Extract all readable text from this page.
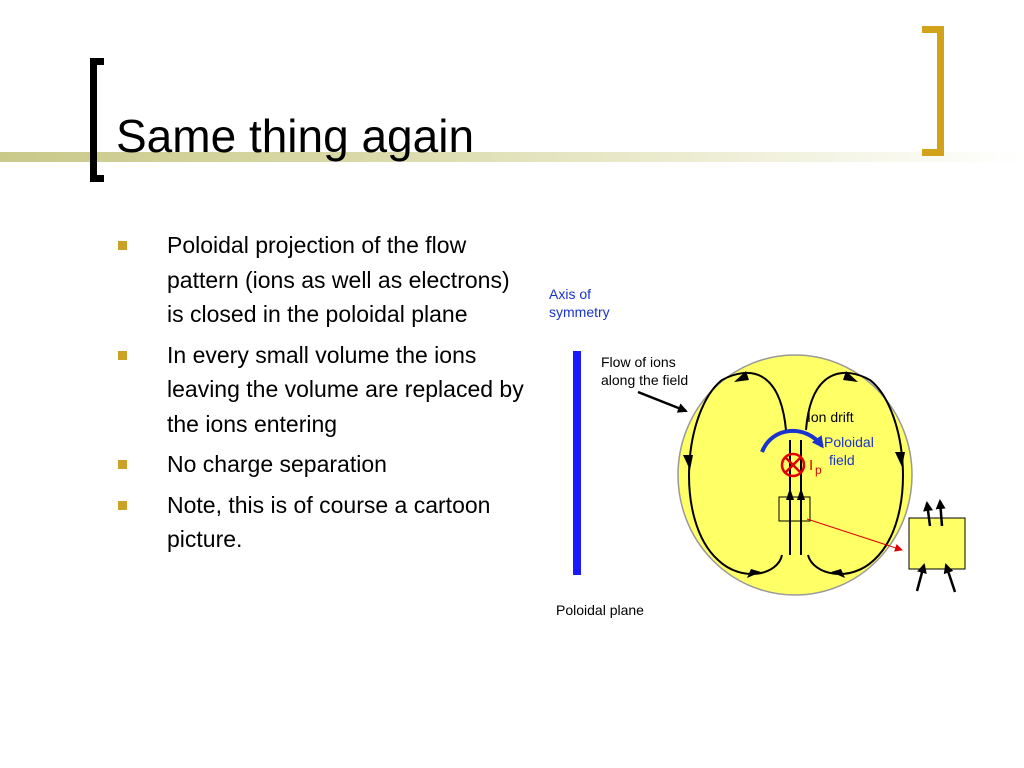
Same thing again
Poloidal projection of the flow pattern (ions as well as electrons) is closed in the poloidal plane
In every small volume the ions leaving the volume are replaced by the ions entering
No charge separation
Note, this is of course a cartoon picture.
Axis of
symmetry
Flow of ions
along the field
Ion drift
Poloidal
field
I p
Poloidal plane
